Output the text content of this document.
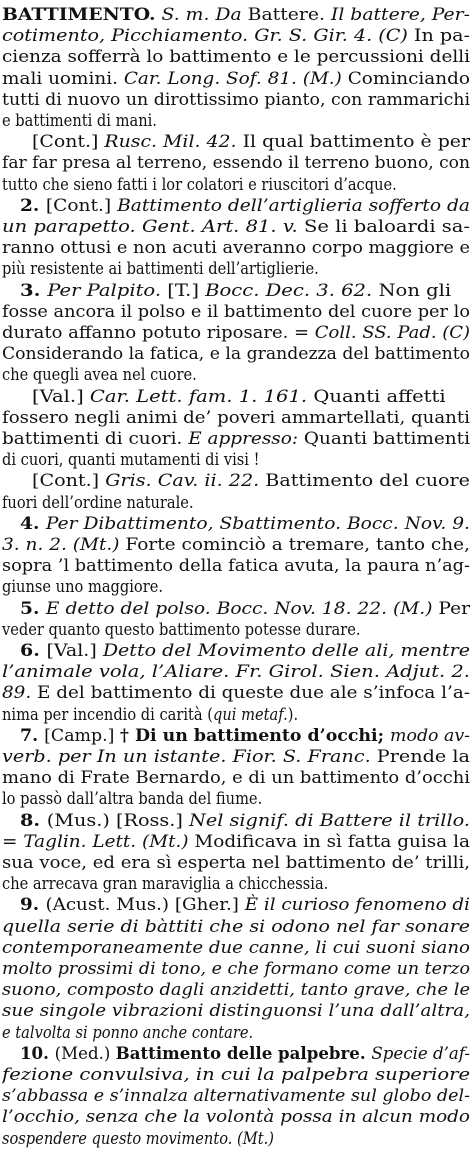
BATTIMENTO. S. m. Da Battere. Il battere, Per-
cotimento, Picchiamento. Gr. S. Gir. 4. (C) In pa-
cienza sofferrà lo battimento e le percussioni delli
mali uomini. Car. Long. Sof. 81. (M.) Cominciando
tutti di nuovo un dirottissimo pianto, con rammarichi
e battimenti di mani.
[Cont.] Rusc. Mil. 42. Il qual battimento è per
far far presa al terreno, essendo il terreno buono, con
tutto che sieno fatti i lor colatori e riuscitori d’acque.
2. [Cont.] Battimento dell’artiglieria sofferto da
un parapetto. Gent. Art. 81. v. Se li baloardi sa-
ranno ottusi e non acuti averanno corpo maggiore e
più resistente ai battimenti dell’artiglierie.
3. Per Palpito. [T.] Bocc. Dec. 3. 62. Non gli
fosse ancora il polso e il battimento del cuore per lo
durato affanno potuto riposare. = Coll. SS. Pad. (C)
Considerando la fatica, e la grandezza del battimento
che quegli avea nel cuore.
[Val.] Car. Lett. fam. 1. 161. Quanti affetti
fossero negli animi de’ poveri ammartellati, quanti
battimenti di cuori. E appresso: Quanti battimenti
di cuori, quanti mutamenti di visi !
[Cont.] Gris. Cav. ii. 22. Battimento del cuore
fuori dell’ordine naturale.
4. Per Dibattimento, Sbattimento. Bocc. Nov. 9.
3. n. 2. (Mt.) Forte cominciò a tremare, tanto che,
sopra ’l battimento della fatica avuta, la paura n’ag-
giunse uno maggiore.
5. E detto del polso. Bocc. Nov. 18. 22. (M.) Per
veder quanto questo battimento potesse durare.
6. [Val.] Detto del Movimento delle ali, mentre
l’animale vola, l’Aliare. Fr. Girol. Sien. Adjut. 2.
89. E del battimento di queste due ale s’infoca l’a-
nima per incendio di carità (qui metaf.).
7. [Camp.] † Di un battimento d’occhi; modo av-
verb. per In un istante. Fior. S. Franc. Prende la
mano di Frate Bernardo, e di un battimento d’occhi
lo passò dall’altra banda del fiume.
8. (Mus.) [Ross.] Nel signif. di Battere il trillo.
= Taglin. Lett. (Mt.) Modificava in sì fatta guisa la
sua voce, ed era sì esperta nel battimento de’ trilli,
che arrecava gran maraviglia a chicchessia.
9. (Acust. Mus.) [Gher.] È il curioso fenomeno di
quella serie di bàttiti che si odono nel far sonare
contemporaneamente due canne, li cui suoni siano
molto prossimi di tono, e che formano come un terzo
suono, composto dagli anzidetti, tanto grave, che le
sue singole vibrazioni distinguonsi l’una dall’altra,
e talvolta si ponno anche contare.
10. (Med.) Battimento delle palpebre. Specie d’af-
fezione convulsiva, in cui la palpebra superiore
s’abbassa e s’innalza alternativamente sul globo del-
l’occhio, senza che la volontà possa in alcun modo
sospendere questo movimento. (Mt.)
